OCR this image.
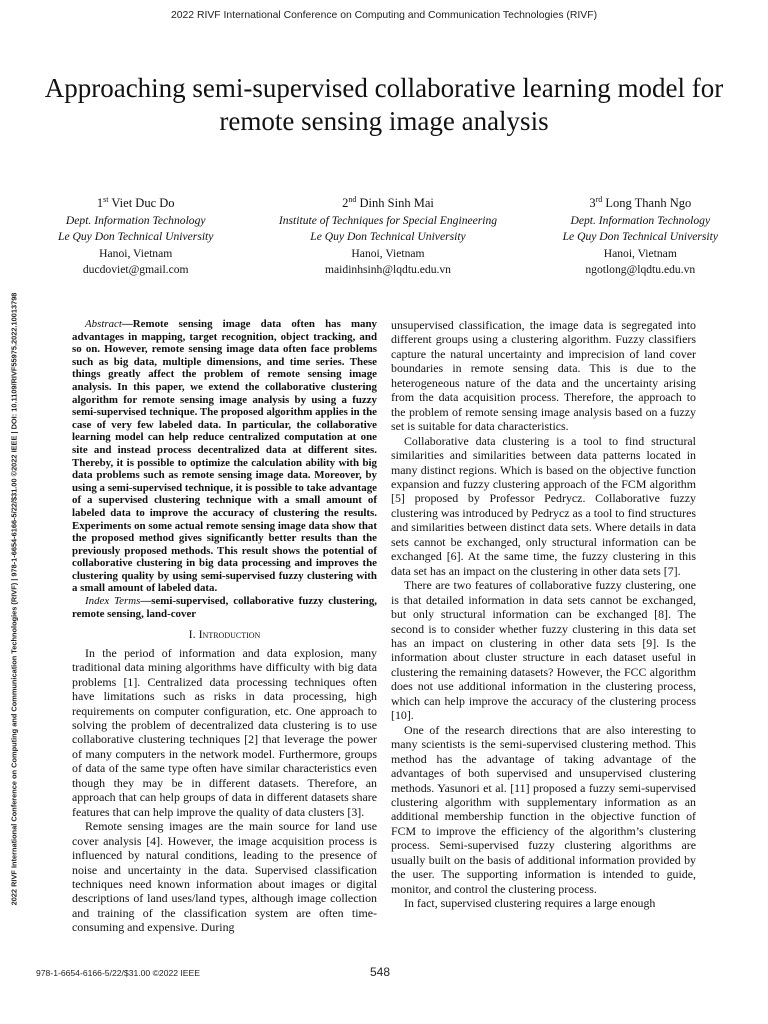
2022 RIVF International Conference on Computing and Communication Technologies (RIVF)
Approaching semi-supervised collaborative learning model for remote sensing image analysis
1st Viet Duc Do
Dept. Information Technology
Le Quy Don Technical University
Hanoi, Vietnam
ducdoviet@gmail.com
2nd Dinh Sinh Mai
Institute of Techniques for Special Engineering
Le Quy Don Technical University
Hanoi, Vietnam
maidinhsinh@lqdtu.edu.vn
3rd Long Thanh Ngo
Dept. Information Technology
Le Quy Don Technical University
Hanoi, Vietnam
ngotlong@lqdtu.edu.vn
2022 RIVF International Conference on Computing and Communication Technologies (RIVF) | 978-1-6654-6166-5/22/$31.00 ©2022 IEEE | DOI: 10.1109/RIVF55975.2022.10013798	Abstract—Remote sensing image data often has many advantages in mapping, target recognition, object tracking, and so on. However, remote sensing image data often face problems such as big data, multiple dimensions, and time series. These things greatly affect the problem of remote sensing image analysis. In this paper, we extend the collaborative clustering algorithm for remote sensing image analysis by using a fuzzy semi-supervised technique. The proposed algorithm applies in the case of very few labeled data. In particular, the collaborative learning model can help reduce centralized computation at one site and instead process decentralized data at different sites. Thereby, it is possible to optimize the calculation ability with big data problems such as remote sensing image data. Moreover, by using a semi-supervised technique, it is possible to take advantage of a supervised clustering technique with a small amount of labeled data to improve the accuracy of clustering the results. Experiments on some actual remote sensing image data show that the proposed method gives significantly better results than the previously proposed methods. This result shows the potential of collaborative clustering in big data processing and improves the clustering quality by using semi-supervised fuzzy clustering with a small amount of labeled data.

Index Terms—semi-supervised, collaborative fuzzy clustering, remote sensing, land-cover

I. Introduction

In the period of information and data explosion, many traditional data mining algorithms have difficulty with big data problems [1]. Centralized data processing techniques often have limitations such as risks in data processing, high requirements on computer configuration, etc. One approach to solving the problem of decentralized data clustering is to use collaborative clustering techniques [2] that leverage the power of many computers in the network model. Furthermore, groups of data of the same type often have similar characteristics even though they may be in different datasets. Therefore, an approach that can help groups of data in different datasets share features that can help improve the quality of data clusters [3].

Remote sensing images are the main source for land use cover analysis [4]. However, the image acquisition process is influenced by natural conditions, leading to the presence of noise and uncertainty in the data. Supervised classification techniques need known information about images or digital descriptions of land uses/land types, although image collection and training of the classification system are often time-consuming and expensive. During

unsupervised classification, the image data is segregated into different groups using a clustering algorithm. Fuzzy classifiers capture the natural uncertainty and imprecision of land cover boundaries in remote sensing data. This is due to the heterogeneous nature of the data and the uncertainty arising from the data acquisition process. Therefore, the approach to the problem of remote sensing image analysis based on a fuzzy set is suitable for data characteristics.

Collaborative data clustering is a tool to find structural similarities and similarities between data patterns located in many distinct regions. Which is based on the objective function expansion and fuzzy clustering approach of the FCM algorithm [5] proposed by Professor Pedrycz. Collaborative fuzzy clustering was introduced by Pedrycz as a tool to find structures and similarities between distinct data sets. Where details in data sets cannot be exchanged, only structural information can be exchanged [6]. At the same time, the fuzzy clustering in this data set has an impact on the clustering in other data sets [7].

There are two features of collaborative fuzzy clustering, one is that detailed information in data sets cannot be exchanged, but only structural information can be exchanged [8]. The second is to consider whether fuzzy clustering in this data set has an impact on clustering in other data sets [9]. Is the information about cluster structure in each dataset useful in clustering the remaining datasets? However, the FCC algorithm does not use additional information in the clustering process, which can help improve the accuracy of the clustering process [10].

One of the research directions that are also interesting to many scientists is the semi-supervised clustering method. This method has the advantage of taking advantage of the advantages of both supervised and unsupervised clustering methods. Yasunori et al. [11] proposed a fuzzy semi-supervised clustering algorithm with supplementary information as an additional membership function in the objective function of FCM to improve the efficiency of the algorithm’s clustering process. Semi-supervised fuzzy clustering algorithms are usually built on the basis of additional information provided by the user. The supporting information is intended to guide, monitor, and control the clustering process.

In fact, supervised clustering requires a large enough

978-1-6654-6166-5/22/$31.00 ©2022 IEEE	548
